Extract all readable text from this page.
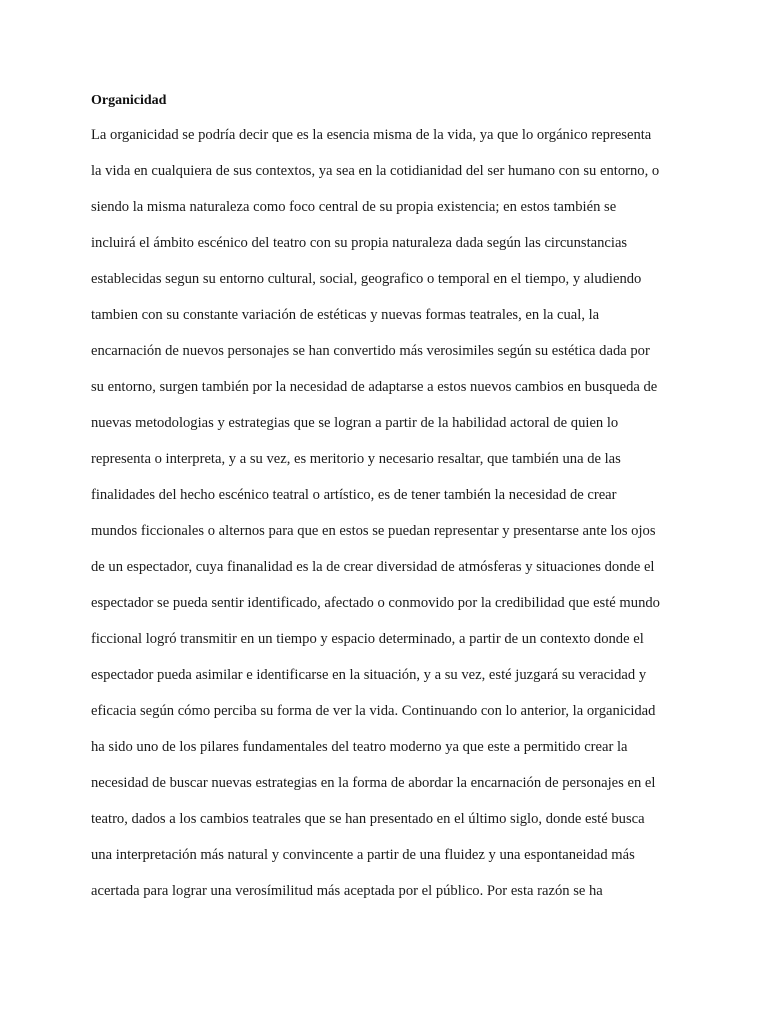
Organicidad
La organicidad se podría decir que es la esencia misma de la vida, ya que lo orgánico representa
la vida en cualquiera de sus contextos, ya sea en la cotidianidad del ser humano con su entorno, o
siendo la misma naturaleza como foco central de su propia existencia; en estos también se
incluirá el ámbito escénico del teatro con su propia naturaleza dada según las circunstancias
establecidas segun su entorno cultural, social, geografico o temporal en el tiempo, y aludiendo
tambien con su constante variación de estéticas y nuevas formas teatrales, en la cual, la
encarnación de nuevos personajes se han convertido más verosimiles según su estética dada por
su entorno, surgen también por la necesidad de adaptarse a estos nuevos cambios en busqueda de
nuevas metodologias y estrategias que se logran a partir de la habilidad actoral de quien lo
representa o interpreta, y a su vez, es meritorio y necesario resaltar, que también una de las
finalidades del hecho escénico teatral o artístico, es de tener también la necesidad de crear
mundos ficcionales o alternos para que en estos se puedan representar y presentarse ante los ojos
de un espectador, cuya finanalidad es la de crear diversidad de atmósferas y situaciones donde el
espectador se pueda sentir identificado, afectado o conmovido por la credibilidad que esté mundo
ficcional logró transmitir en un tiempo y espacio determinado, a partir de un contexto donde el
espectador pueda asimilar e identificarse en la situación, y a su vez, esté juzgará su veracidad y
eficacia según cómo perciba su forma de ver la vida. Continuando con lo anterior, la organicidad
ha sido uno de los pilares fundamentales del teatro moderno ya que este a permitido crear la
necesidad de buscar nuevas estrategias en la forma de abordar la encarnación de personajes en el
teatro, dados a los cambios teatrales que se han presentado en el último siglo, donde esté busca
una interpretación más natural y convincente a partir de una fluidez y una espontaneidad más
acertada para lograr una verosímilitud más aceptada por el público. Por esta razón se ha
